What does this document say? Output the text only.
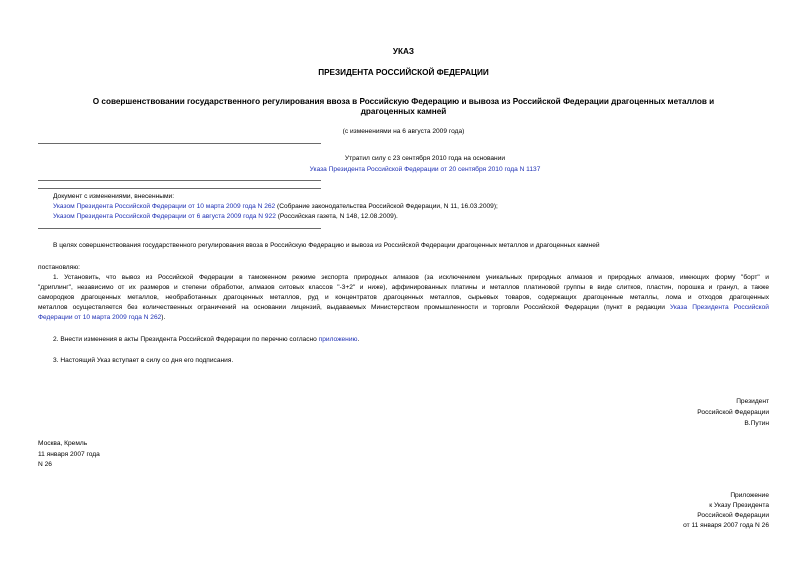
УКАЗ
ПРЕЗИДЕНТА РОССИЙСКОЙ ФЕДЕРАЦИИ
О совершенствовании государственного регулирования ввоза в Российскую Федерацию и вывоза из Российской Федерации драгоценных металлов и
драгоценных камней
(с изменениями на 6 августа 2009 года)
Утратил силу с 23 сентября 2010 года на основании
Указа Президента Российской Федерации от 20 сентября 2010 года N 1137
Документ с изменениями, внесенными:
Указом Президента Российской Федерации от 10 марта 2009 года N 262 (Собрание законодательства Российской Федерации, N 11, 16.03.2009);
Указом Президента Российской Федерации от 6 августа 2009 года N 922 (Российская газета, N 148, 12.08.2009).
В целях совершенствования государственного регулирования ввоза в Российскую Федерацию и вывоза из Российской Федерации драгоценных металлов и драгоценных камней
постановляю:
1. Установить, что вывоз из Российской Федерации в таможенном режиме экспорта природных алмазов (за исключением уникальных природных алмазов и природных алмазов, имеющих форму "борт" и
"дриплинг", независимо от их размеров и степени обработки, алмазов ситовых классов "-3+2" и ниже), аффинированных платины и металлов платиновой группы в виде слитков, пластин, порошка и гранул, а также
самородков драгоценных металлов, необработанных драгоценных металлов, руд и концентратов драгоценных металлов, сырьевых товаров, содержащих драгоценные металлы, лома и отходов драгоценных
металлов осуществляется без количественных ограничений на основании лицензий, выдаваемых Министерством промышленности и торговли Российской Федерации (пункт в редакции Указа Президента Российской
Федерации от 10 марта 2009 года N 262).
2. Внести изменения в акты Президента Российской Федерации по перечню согласно приложению.
3. Настоящий Указ вступает в силу со дня его подписания.
Президент
Российской Федерации
В.Путин
Москва, Кремль
11 января 2007 года
N 26
Приложение
к Указу Президента
Российской Федерации
от 11 января 2007 года N 26
